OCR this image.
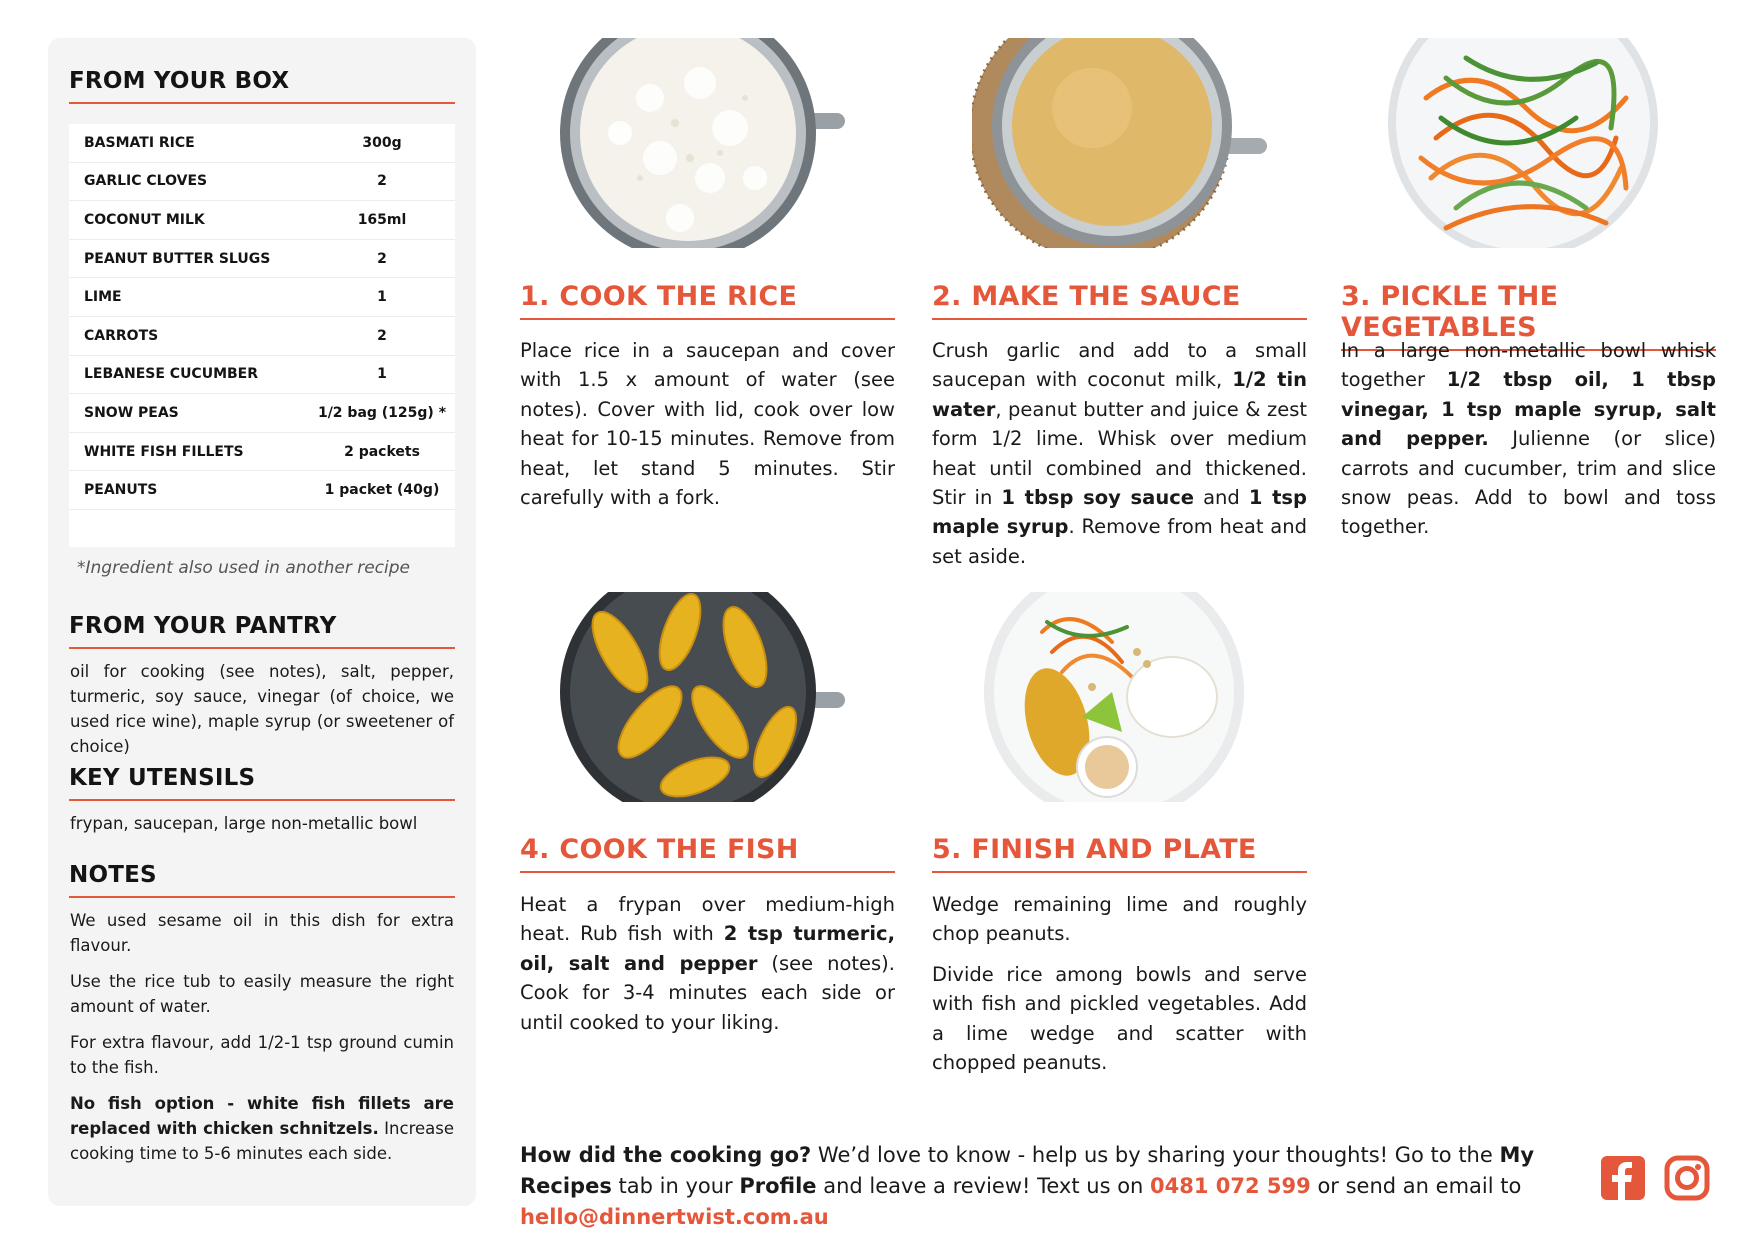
FROM YOUR BOX
BASMATI RICE	300g
GARLIC CLOVES	2
COCONUT MILK	165ml
PEANUT BUTTER SLUGS	2
LIME	1
CARROTS	2
LEBANESE CUCUMBER	1
SNOW PEAS	1/2 bag (125g) *
WHITE FISH FILLETS	2 packets
PEANUTS	1 packet (40g)
*Ingredient also used in another recipe
FROM YOUR PANTRY
oil for cooking (see notes), salt, pepper, turmeric, soy sauce, vinegar (of choice, we used rice wine), maple syrup (or sweetener of choice)
KEY UTENSILS
frypan, saucepan, large non-metallic bowl
NOTES

We used sesame oil in this dish for extra flavour.

Use the rice tub to easily measure the right amount of water.

For extra flavour, add 1/2-1 tsp ground cumin to the fish.

No fish option - white fish fillets are replaced with chicken schnitzels. Increase cooking time to 5-6 minutes each side.

1. COOK THE RICE
Place rice in a saucepan and cover with 1.5 x amount of water (see notes). Cover with lid, cook over low heat for 10-15 minutes. Remove from heat, let stand 5 minutes. Stir carefully with a fork.
2. MAKE THE SAUCE
Crush garlic and add to a small saucepan with coconut milk, 1/2 tin water, peanut butter and juice & zest form 1/2 lime. Whisk over medium heat until combined and thickened. Stir in 1 tbsp soy sauce and 1 tsp maple syrup. Remove from heat and set aside.
3. PICKLE THE VEGETABLES
In a large non-metallic bowl whisk together 1/2 tbsp oil, 1 tbsp vinegar, 1 tsp maple syrup, salt and pepper. Julienne (or slice) carrots and cucumber, trim and slice snow peas. Add to bowl and toss together.
4. COOK THE FISH
Heat a frypan over medium-high heat. Rub fish with 2 tsp turmeric, oil, salt and pepper (see notes). Cook for 3-4 minutes each side or until cooked to your liking.
5. FINISH AND PLATE

Wedge remaining lime and roughly chop peanuts.

Divide rice among bowls and serve with fish and pickled vegetables. Add a lime wedge and scatter with chopped peanuts.

How did the cooking go? We’d love to know - help us by sharing your thoughts! Go to the My Recipes tab in your Profile and leave a review! Text us on 0481 072 599 or send an email to hello@dinnertwist.com.au
